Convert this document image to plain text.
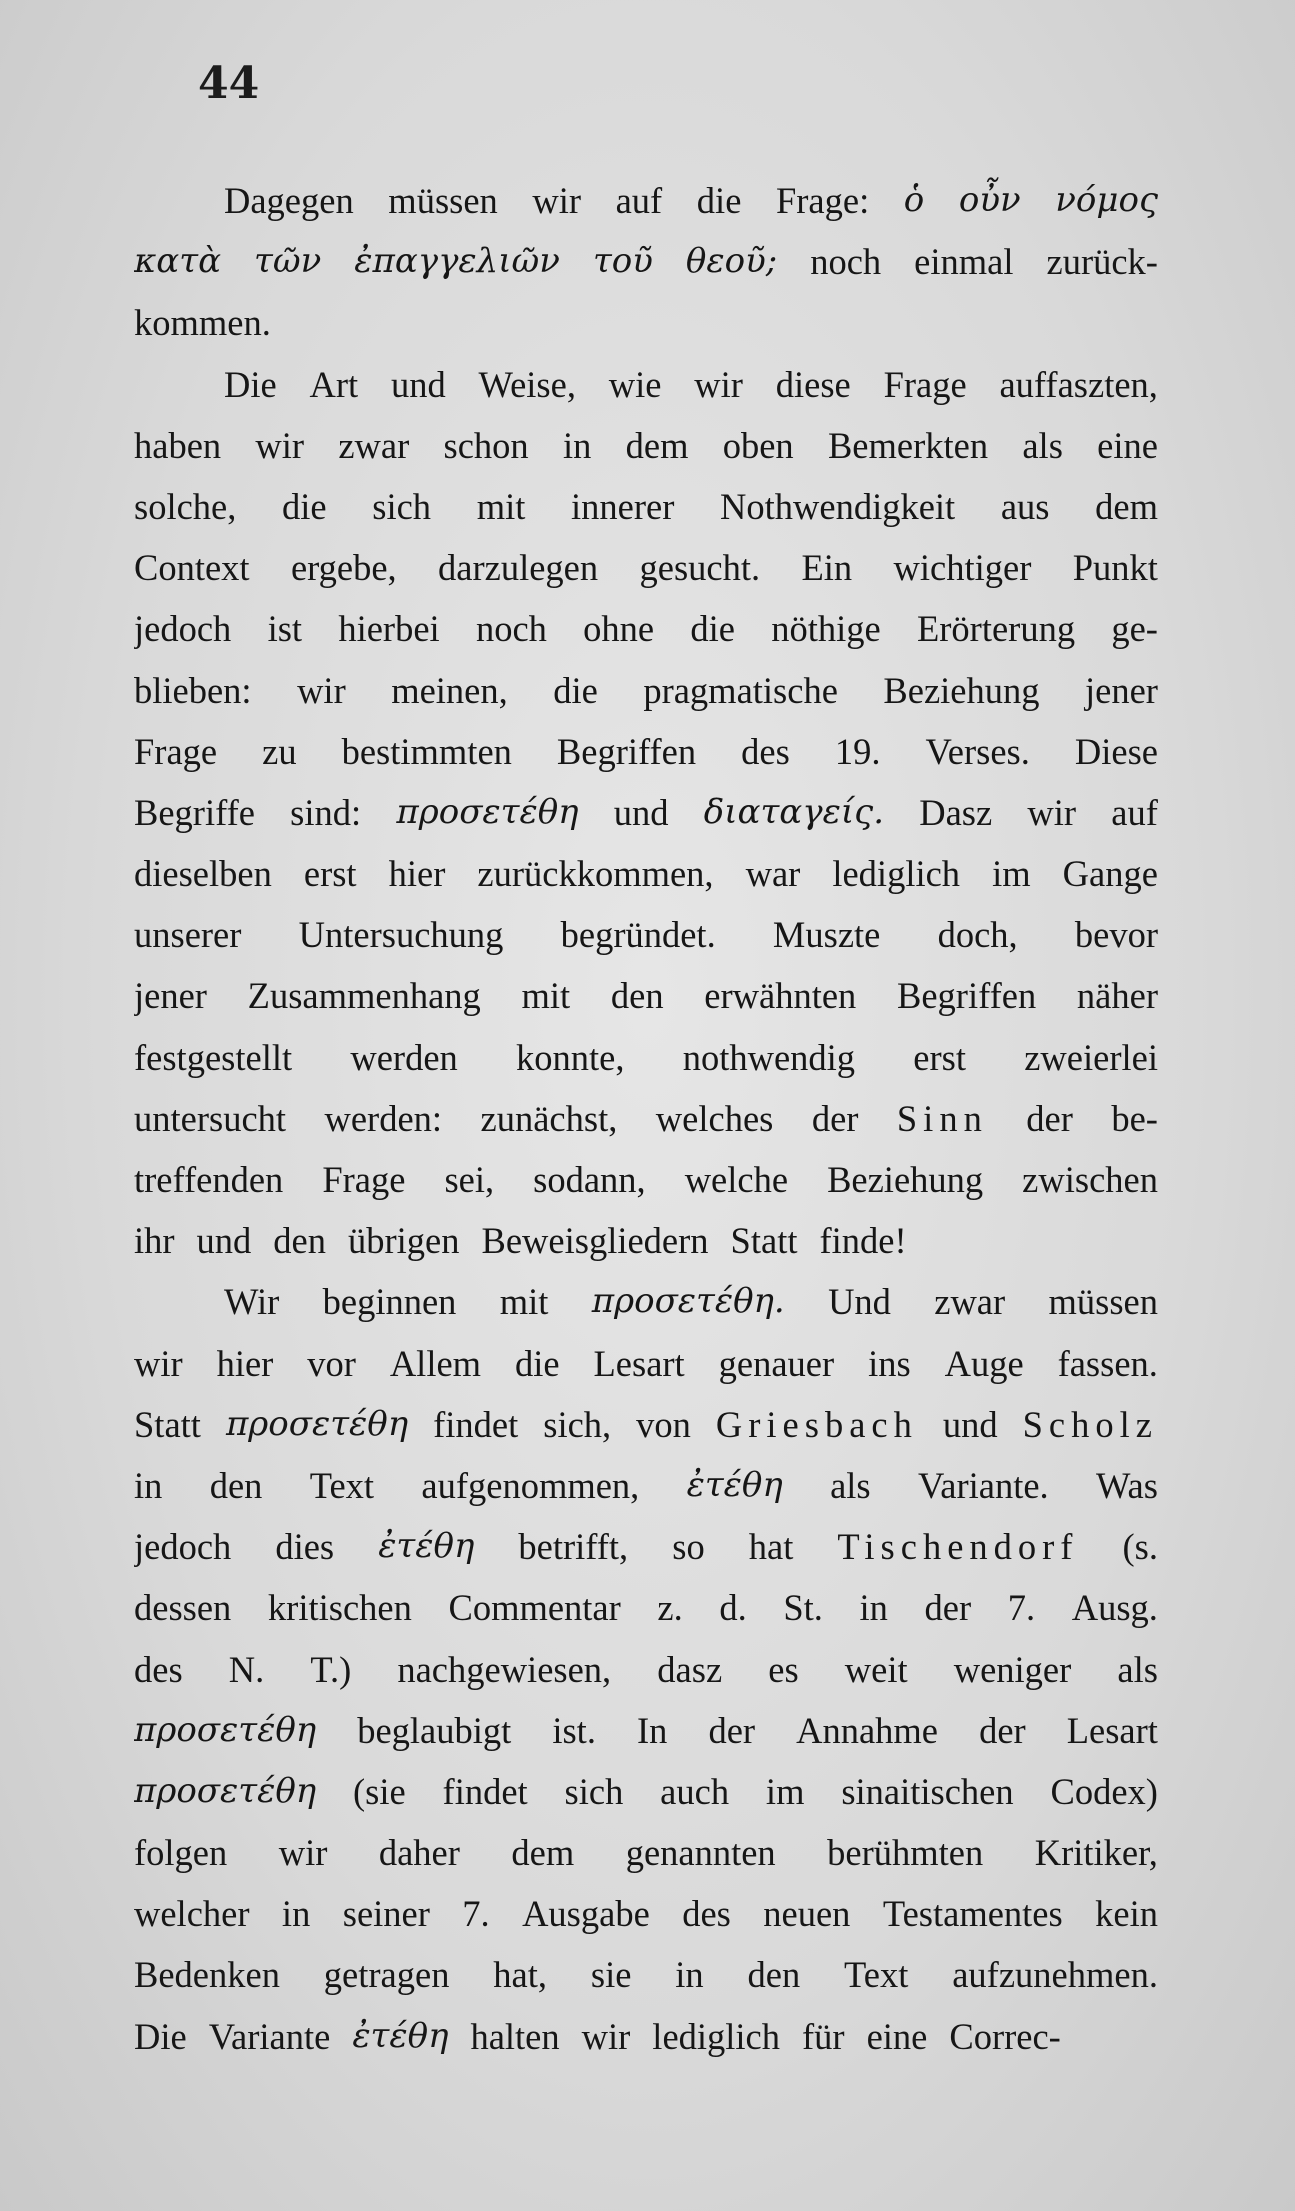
44
Dagegen müssen wir auf die Frage: ὁ οὖν νόμος
κατὰ τῶν ἐπαγγελιῶν τοῦ θεοῦ; noch einmal zurück-
kommen.
Die Art und Weise, wie wir diese Frage auffaszten,
haben wir zwar schon in dem oben Bemerkten als eine
solche, die sich mit innerer Nothwendigkeit aus dem
Context ergebe, darzulegen gesucht. Ein wichtiger Punkt
jedoch ist hierbei noch ohne die nöthige Erörterung ge-
blieben: wir meinen, die pragmatische Beziehung jener
Frage zu bestimmten Begriffen des 19. Verses. Diese
Begriffe sind: προσετέθη und διαταγείς. Dasz wir auf
dieselben erst hier zurückkommen, war lediglich im Gange
unserer Untersuchung begründet. Muszte doch, bevor
jener Zusammenhang mit den erwähnten Begriffen näher
festgestellt werden konnte, nothwendig erst zweierlei
untersucht werden: zunächst, welches der Sinn der be-
treffenden Frage sei, sodann, welche Beziehung zwischen
ihr und den übrigen Beweisgliedern Statt finde!
Wir beginnen mit προσετέθη. Und zwar müssen
wir hier vor Allem die Lesart genauer ins Auge fassen.
Statt προσετέθη findet sich, von Griesbach und Scholz
in den Text aufgenommen, ἐτέθη als Variante. Was
jedoch dies ἐτέθη betrifft, so hat Tischendorf (s.
dessen kritischen Commentar z. d. St. in der 7. Ausg.
des N. T.) nachgewiesen, dasz es weit weniger als
προσετέθη beglaubigt ist. In der Annahme der Lesart
προσετέθη (sie findet sich auch im sinaitischen Codex)
folgen wir daher dem genannten berühmten Kritiker,
welcher in seiner 7. Ausgabe des neuen Testamentes kein
Bedenken getragen hat, sie in den Text aufzunehmen.
Die Variante ἐτέθη halten wir lediglich für eine Correc-
